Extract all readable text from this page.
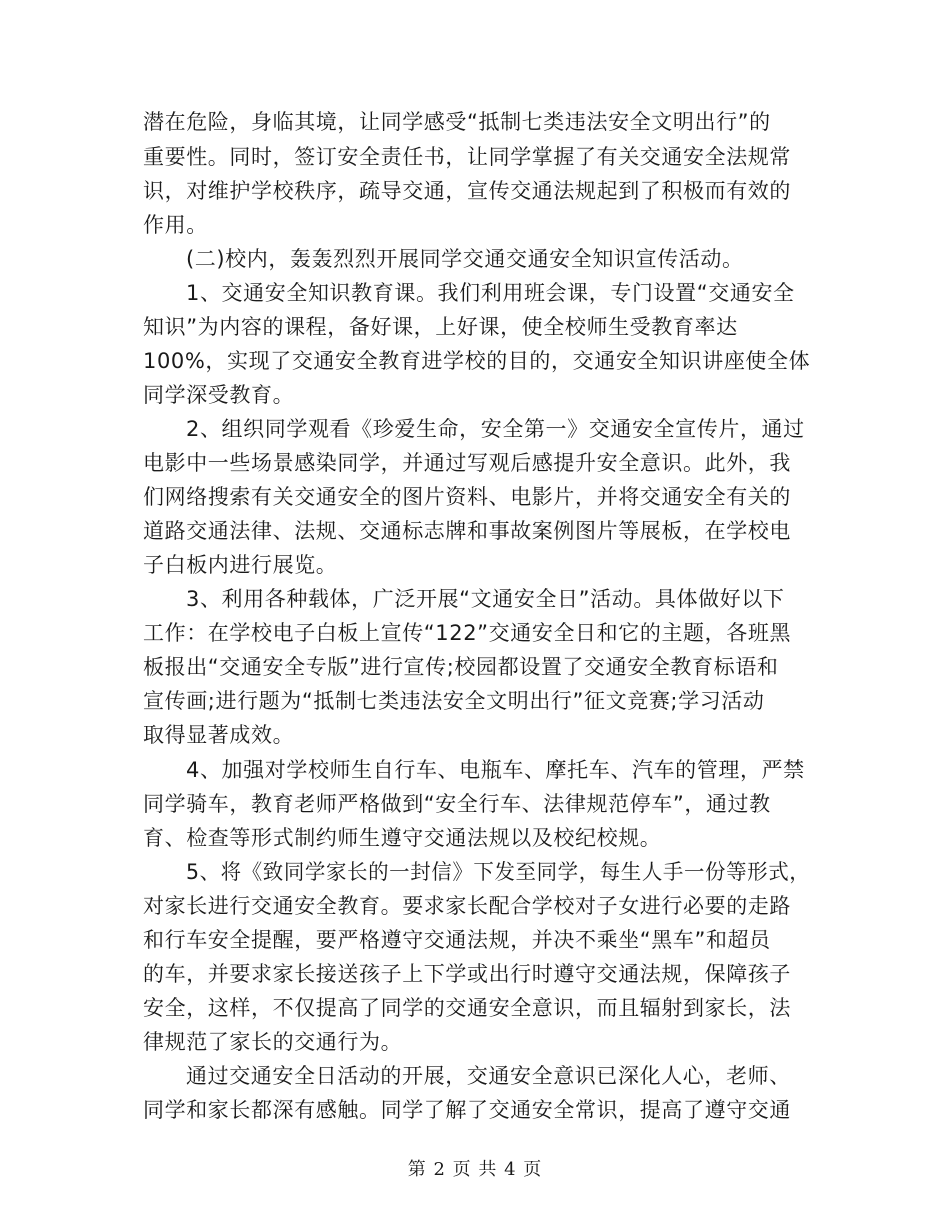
潜在危险，身临其境，让同学感受“抵制七类违法安全文明出行”的
重要性。同时，签订安全责任书，让同学掌握了有关交通安全法规常
识，对维护学校秩序，疏导交通，宣传交通法规起到了积极而有效的
作用。
(二)校内，轰轰烈烈开展同学交通交通安全知识宣传活动。
1、交通安全知识教育课。我们利用班会课，专门设置“交通安全
知识”为内容的课程，备好课，上好课，使全校师生受教育率达
100%，实现了交通安全教育进学校的目的，交通安全知识讲座使全体
同学深受教育。
2、组织同学观看《珍爱生命，安全第一》交通安全宣传片，通过
电影中一些场景感染同学，并通过写观后感提升安全意识。此外，我
们网络搜索有关交通安全的图片资料、电影片，并将交通安全有关的
道路交通法律、法规、交通标志牌和事故案例图片等展板，在学校电
子白板内进行展览。
3、利用各种载体，广泛开展“文通安全日”活动。具体做好以下
工作：在学校电子白板上宣传“122”交通安全日和它的主题，各班黑
板报出“交通安全专版”进行宣传;校园都设置了交通安全教育标语和
宣传画;进行题为“抵制七类违法安全文明出行”征文竞赛;学习活动
取得显著成效。
4、加强对学校师生自行车、电瓶车、摩托车、汽车的管理，严禁
同学骑车，教育老师严格做到“安全行车、法律规范停车”，通过教
育、检查等形式制约师生遵守交通法规以及校纪校规。
5、将《致同学家长的一封信》下发至同学，每生人手一份等形式，
对家长进行交通安全教育。要求家长配合学校对子女进行必要的走路
和行车安全提醒，要严格遵守交通法规，并决不乘坐“黑车”和超员
的车，并要求家长接送孩子上下学或出行时遵守交通法规，保障孩子
安全，这样，不仅提高了同学的交通安全意识，而且辐射到家长，法
律规范了家长的交通行为。
通过交通安全日活动的开展，交通安全意识已深化人心，老师、
同学和家长都深有感触。同学了解了交通安全常识，提高了遵守交通
第 2 页 共 4 页
